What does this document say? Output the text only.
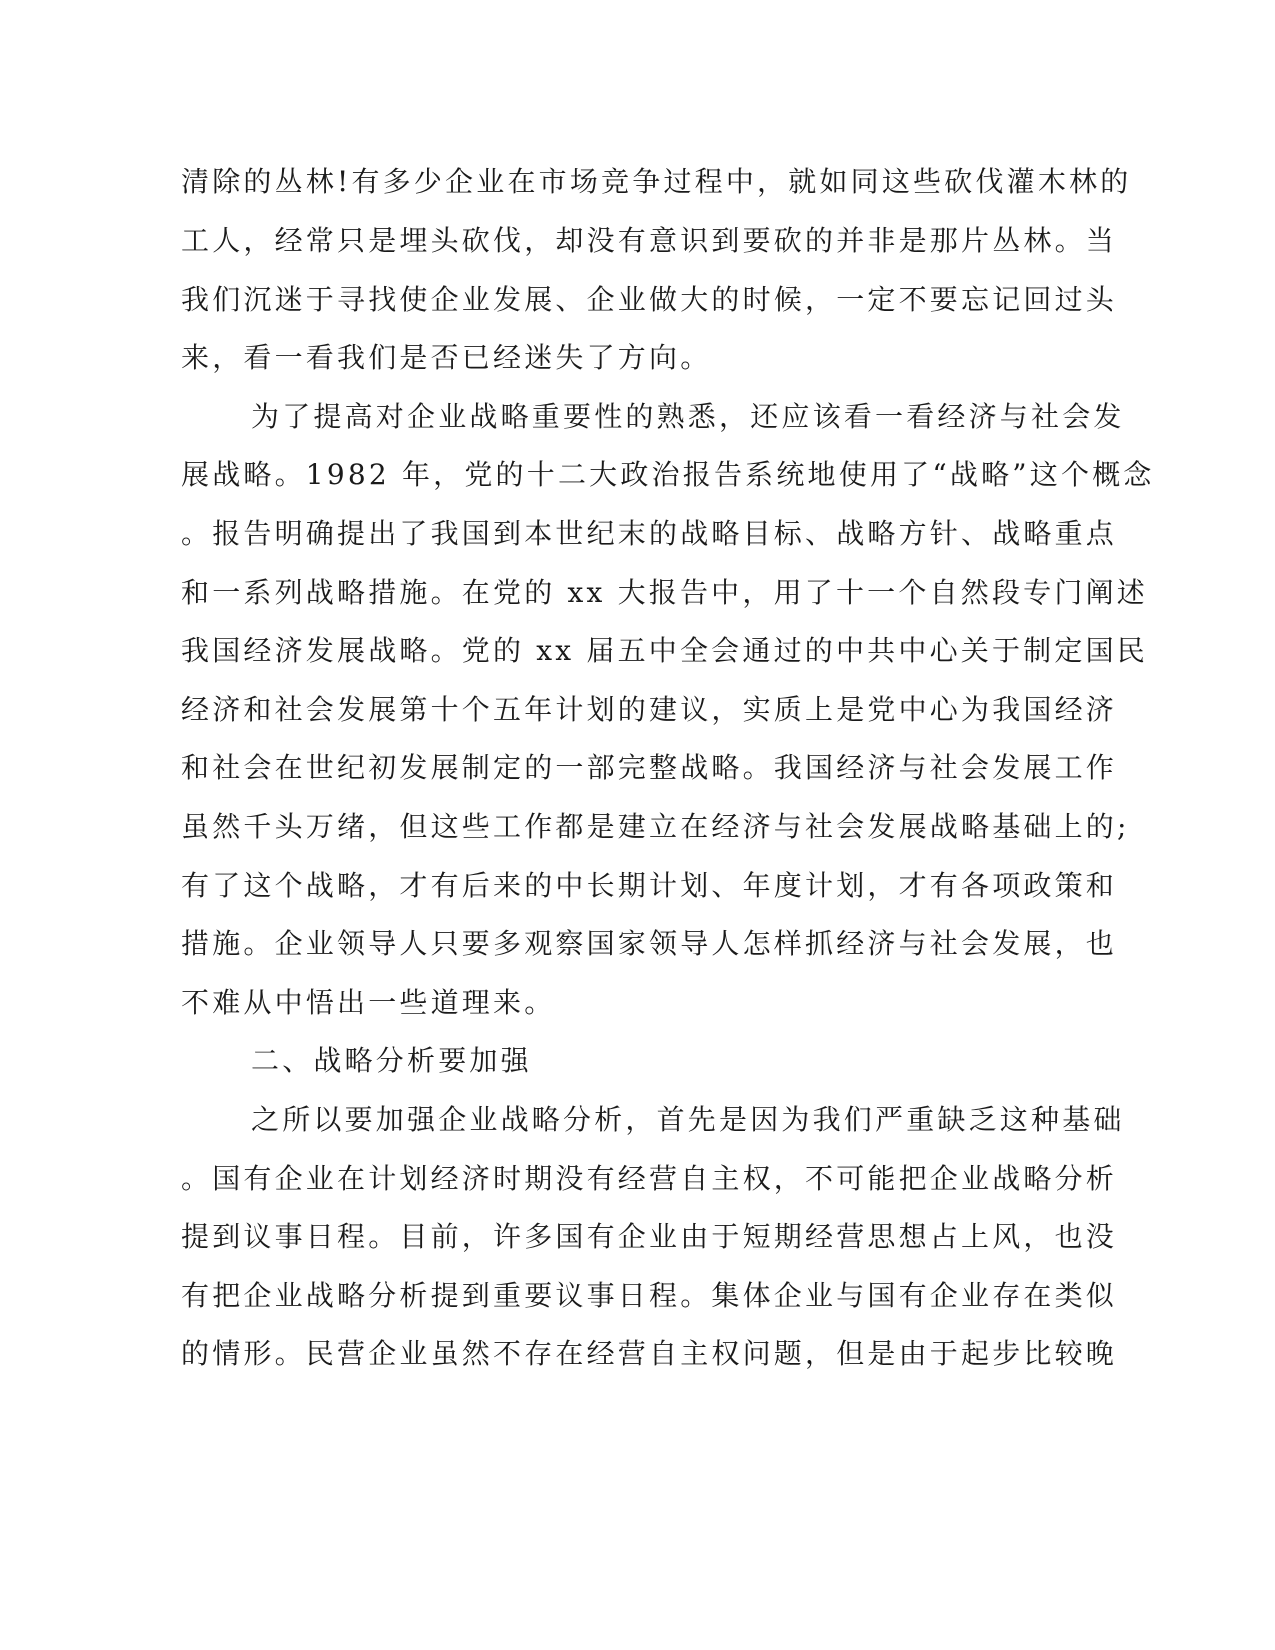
清除的丛林!有多少企业在市场竞争过程中，就如同这些砍伐灌木林的
工人，经常只是埋头砍伐，却没有意识到要砍的并非是那片丛林。当
我们沉迷于寻找使企业发展、企业做大的时候，一定不要忘记回过头
来，看一看我们是否已经迷失了方向。
为了提高对企业战略重要性的熟悉，还应该看一看经济与社会发
展战略。1982 年，党的十二大政治报告系统地使用了“战略”这个概念
。报告明确提出了我国到本世纪末的战略目标、战略方针、战略重点
和一系列战略措施。在党的 xx 大报告中，用了十一个自然段专门阐述
我国经济发展战略。党的 xx 届五中全会通过的中共中心关于制定国民
经济和社会发展第十个五年计划的建议，实质上是党中心为我国经济
和社会在世纪初发展制定的一部完整战略。我国经济与社会发展工作
虽然千头万绪，但这些工作都是建立在经济与社会发展战略基础上的;
有了这个战略，才有后来的中长期计划、年度计划，才有各项政策和
措施。企业领导人只要多观察国家领导人怎样抓经济与社会发展，也
不难从中悟出一些道理来。
二、战略分析要加强
之所以要加强企业战略分析，首先是因为我们严重缺乏这种基础
。国有企业在计划经济时期没有经营自主权，不可能把企业战略分析
提到议事日程。目前，许多国有企业由于短期经营思想占上风，也没
有把企业战略分析提到重要议事日程。集体企业与国有企业存在类似
的情形。民营企业虽然不存在经营自主权问题，但是由于起步比较晚
